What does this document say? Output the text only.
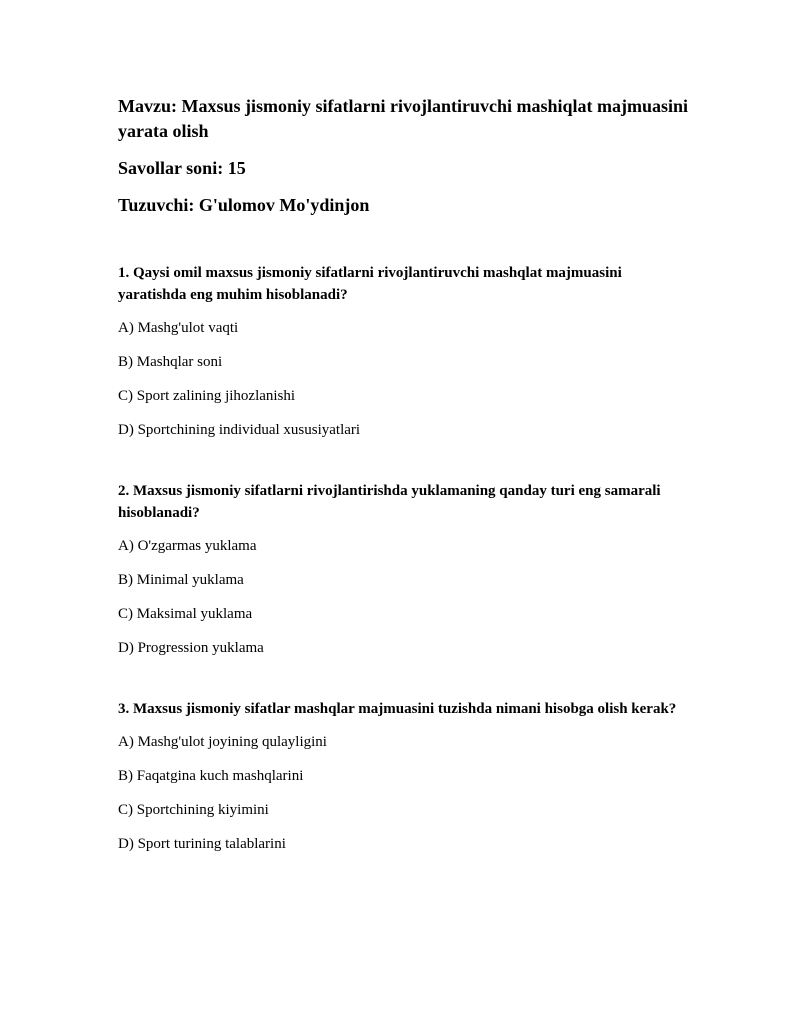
Mavzu: Maxsus jismoniy sifatlarni rivojlantiruvchi mashiqlat majmuasini yarata olish

Savollar soni: 15

Tuzuvchi: G'ulomov Mo'ydinjon

1. Qaysi omil maxsus jismoniy sifatlarni rivojlantiruvchi mashqlat majmuasini yaratishda eng muhim hisoblanadi?

A) Mashg'ulot vaqti

B) Mashqlar soni

C) Sport zalining jihozlanishi

D) Sportchining individual xususiyatlari

2. Maxsus jismoniy sifatlarni rivojlantirishda yuklamaning qanday turi eng samarali hisoblanadi?

A) O'zgarmas yuklama

B) Minimal yuklama

C) Maksimal yuklama

D) Progression yuklama

3. Maxsus jismoniy sifatlar mashqlar majmuasini tuzishda nimani hisobga olish kerak?

A) Mashg'ulot joyining qulayligini

B) Faqatgina kuch mashqlarini

C) Sportchining kiyimini

D) Sport turining talablarini
